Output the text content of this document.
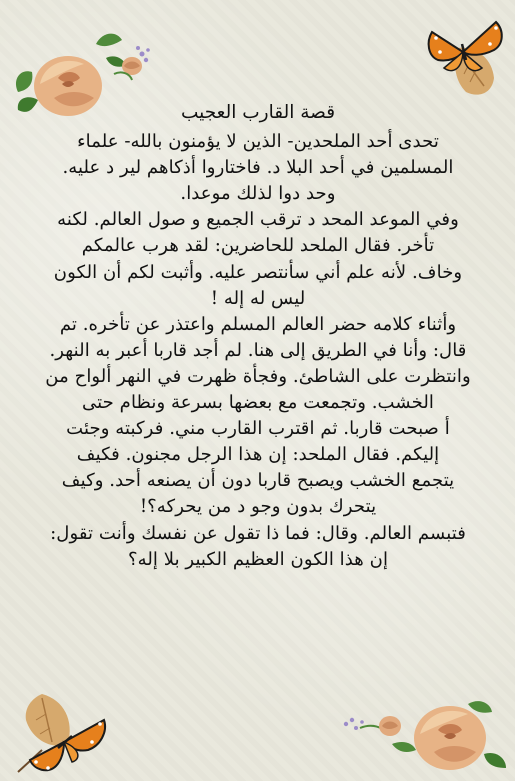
قصة القارب العجيب
تحدى أحد الملحدين- الذين لا يؤمنون بالله- علماء
المسلمين في أحد البلا د. فاختاروا أذكاهم لير د عليه.
وحد دوا لذلك موعدا.
وفي الموعد المحد د ترقب الجميع و صول العالم. لكنه
تأخر. فقال الملحد للحاضرين: لقد هرب عالمكم
وخاف. لأنه علم أني سأنتصر عليه. وأثبت لكم أن الكون
ليس له إله !
وأثناء كلامه حضر العالم المسلم واعتذر عن تأخره. تم
قال: وأنا في الطريق إلى هنا. لم أجد قاربا أعبر به النهر.
وانتظرت على الشاطئ. وفجأة ظهرت في النهر ألواح من
الخشب. وتجمعت مع بعضها بسرعة ونظام حتى
أ صبحت قاربا. ثم اقترب القارب مني. فركبته وجئت
إليكم. فقال الملحد: إن هذا الرجل مجنون. فكيف
يتجمع الخشب ويصبح قاربا دون أن يصنعه أحد. وكيف
يتحرك بدون وجو د من يحركه؟!
فتبسم العالم. وقال: فما ذا تقول عن نفسك وأنت تقول:
إن هذا الكون العظيم الكبير بلا إله؟
